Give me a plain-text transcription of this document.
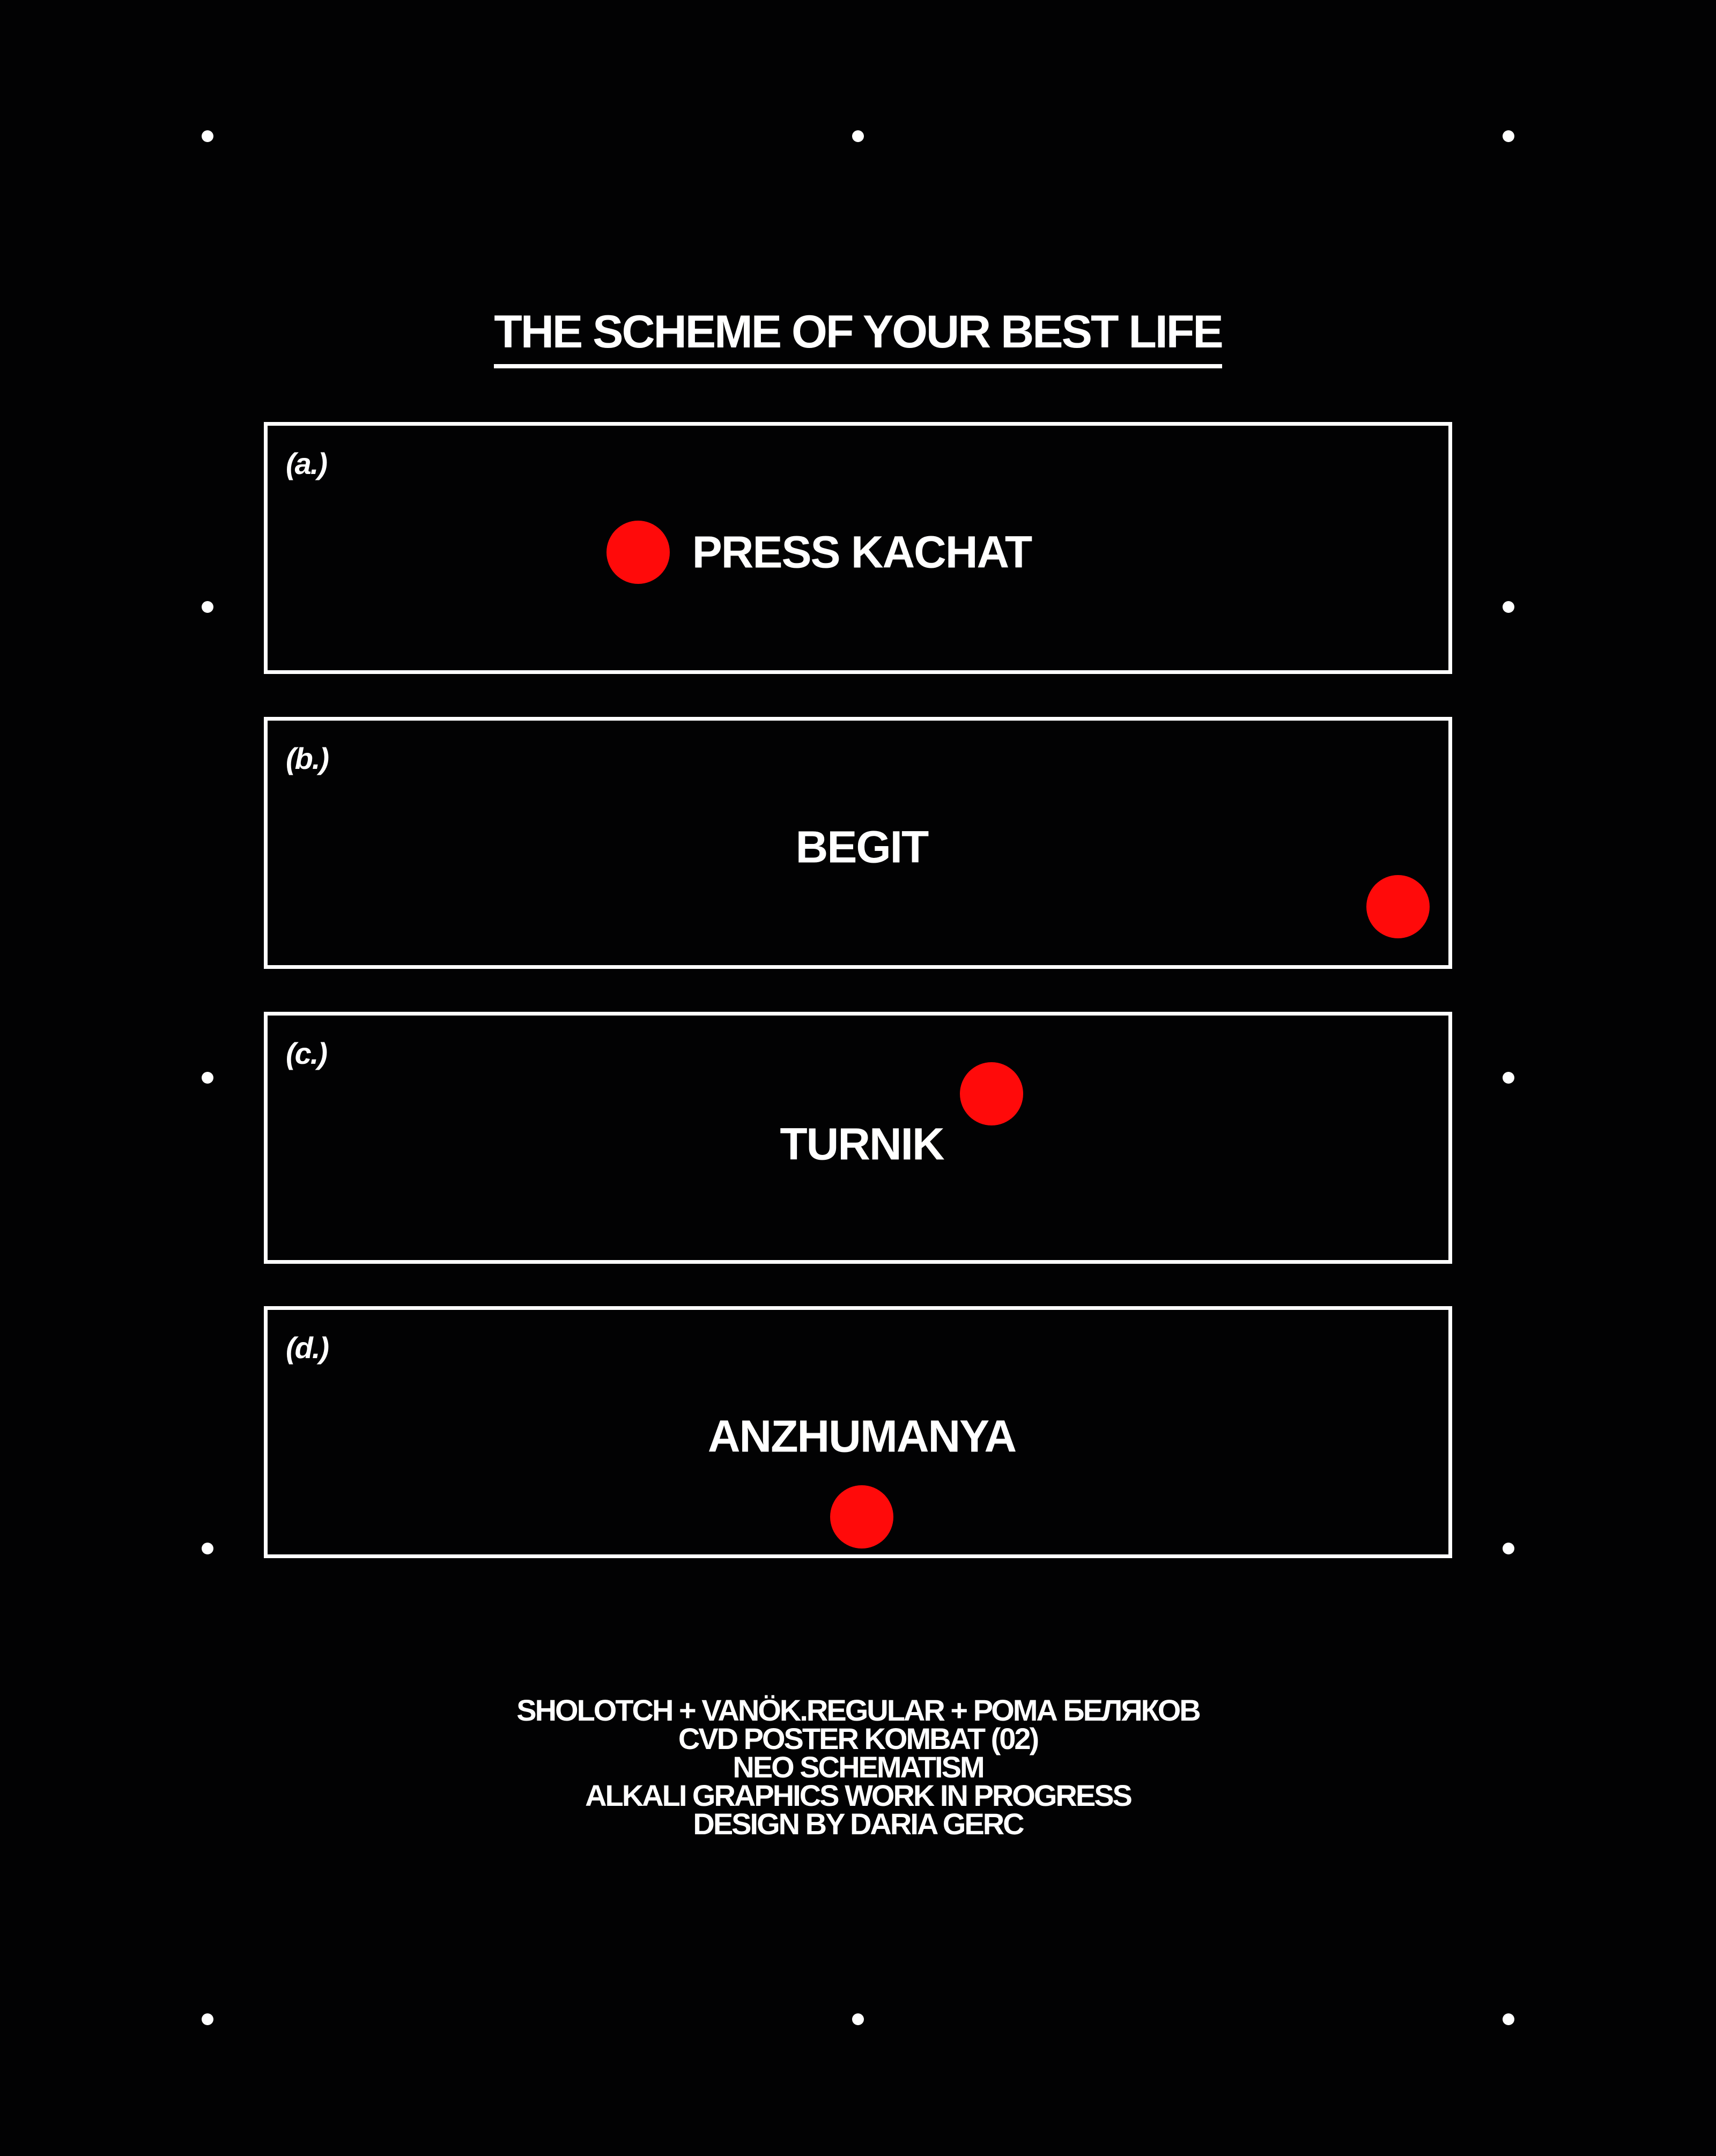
THE SCHEME OF YOUR BEST LIFE
(a.)
PRESS KACHAT
(b.)
BEGIT
(c.)
TURNIK
(d.)
ANZHUMANYA
SHOLOTCH + VANÖK.REGULAR + РОМА БЕЛЯКОВ
CVD POSTER KOMBAT (02)
NEO SCHEMATISM
ALKALI GRAPHICS WORK IN PROGRESS
DESIGN BY DARIA GERC
